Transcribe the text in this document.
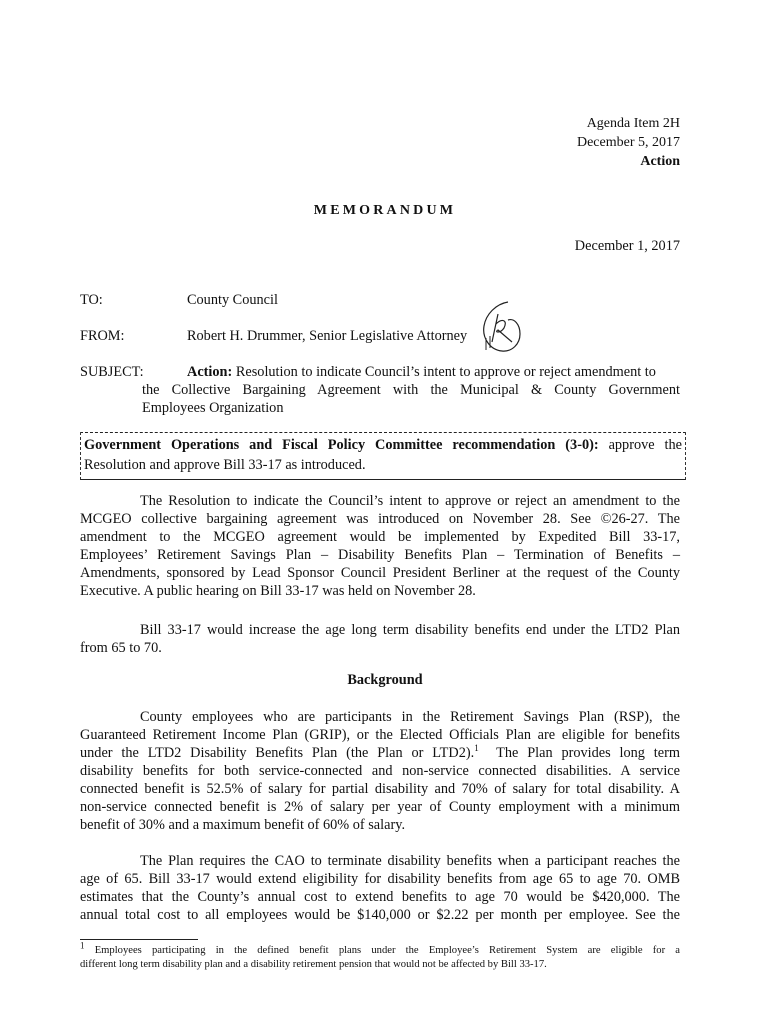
Agenda Item 2H
December 5, 2017
Action
MEMORANDUM
December 1, 2017
TO:	County Council
FROM:	Robert H. Drummer, Senior Legislative Attorney
SUBJECT:	Action: Resolution to indicate Council’s intent to approve or reject amendment to
the Collective Bargaining Agreement with the Municipal & County Government
Employees Organization
Government Operations and Fiscal Policy Committee recommendation (3-0): approve the
Resolution and approve Bill 33-17 as introduced.
The Resolution to indicate the Council’s intent to approve or reject an amendment to the
MCGEO collective bargaining agreement was introduced on November 28. See ©26-27. The
amendment to the MCGEO agreement would be implemented by Expedited Bill 33-17,
Employees’ Retirement Savings Plan – Disability Benefits Plan – Termination of Benefits –
Amendments, sponsored by Lead Sponsor Council President Berliner at the request of the County
Executive. A public hearing on Bill 33-17 was held on November 28.
Bill 33-17 would increase the age long term disability benefits end under the LTD2 Plan
from 65 to 70.
Background
County employees who are participants in the Retirement Savings Plan (RSP), the
Guaranteed Retirement Income Plan (GRIP), or the Elected Officials Plan are eligible for benefits
under the LTD2 Disability Benefits Plan (the Plan or LTD2).$^1$  The Plan provides long term
disability benefits for both service-connected and non-service connected disabilities. A service
connected benefit is 52.5% of salary for partial disability and 70% of salary for total disability. A
non-service connected benefit is 2% of salary per year of County employment with a minimum
benefit of 30% and a maximum benefit of 60% of salary.
The Plan requires the CAO to terminate disability benefits when a participant reaches the
age of 65. Bill 33-17 would extend eligibility for disability benefits from age 65 to age 70. OMB
estimates that the County’s annual cost to extend benefits to age 70 would be $420,000. The
annual total cost to all employees would be $140,000 or $2.22 per month per employee. See the
$^1$ Employees participating in the defined benefit plans under the Employee’s Retirement System are eligible for a
different long term disability plan and a disability retirement pension that would not be affected by Bill 33-17.
